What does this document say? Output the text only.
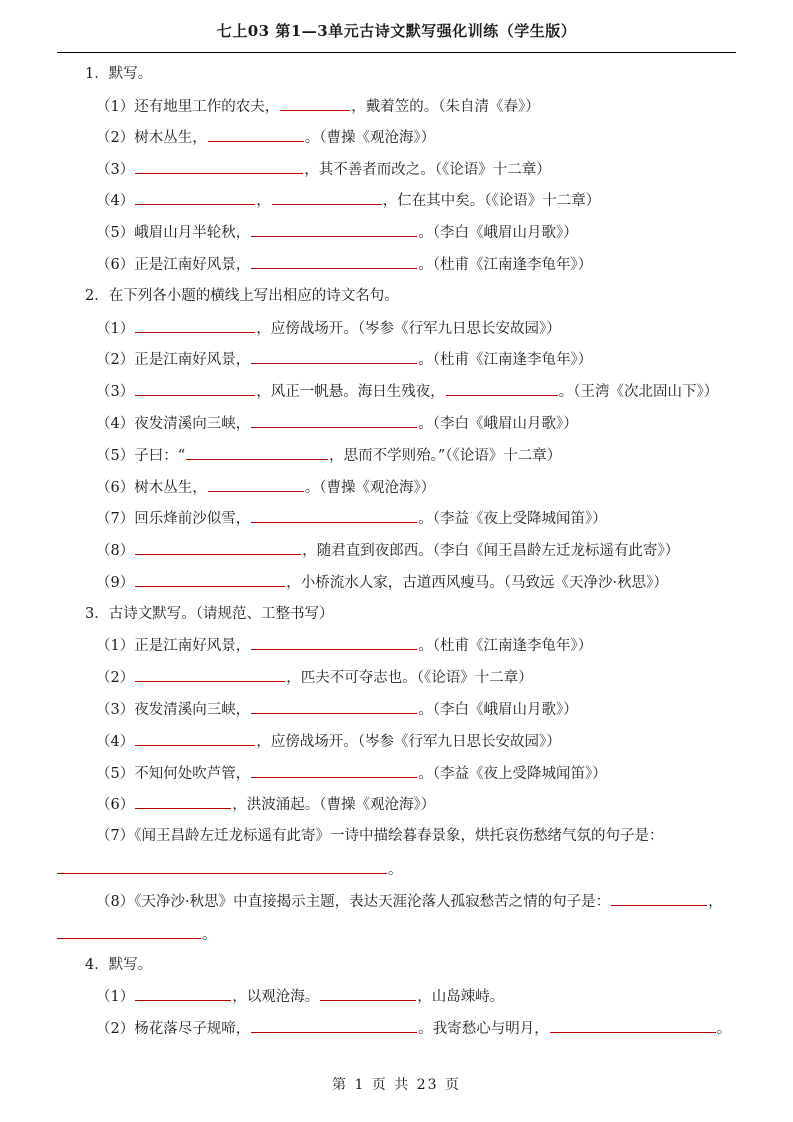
七上03 第1—3单元古诗文默写强化训练（学生版）
1．默写。
（1）还有地里工作的农夫，	，戴着笠的。（朱自清《春》）
（2）树木丛生，	。（曹操《观沧海》）
（3）	，其不善者而改之。（《论语》十二章）
（4）	，	，仁在其中矣。（《论语》十二章）
（5）峨眉山月半轮秋，	。（李白《峨眉山月歌》）
（6）正是江南好风景，	。（杜甫《江南逢李龟年》）
2．在下列各小题的横线上写出相应的诗文名句。
（1）	，应傍战场开。（岑参《行军九日思长安故园》）
（2）正是江南好风景，	。（杜甫《江南逢李龟年》）
（3）	，风正一帆悬。海日生残夜，	。（王湾《次北固山下》）
（4）夜发清溪向三峡，	。（李白《峨眉山月歌》）
（5）子曰：“	，思而不学则殆。”（《论语》十二章）
（6）树木丛生，	。（曹操《观沧海》）
（7）回乐烽前沙似雪，	。（李益《夜上受降城闻笛》）
（8）	，随君直到夜郎西。（李白《闻王昌龄左迁龙标遥有此寄》）
（9）	，小桥流水人家，古道西风瘦马。（马致远《天净沙·秋思》）
3．古诗文默写。（请规范、工整书写）
（1）正是江南好风景，	。（杜甫《江南逢李龟年》）
（2）	，匹夫不可夺志也。（《论语》十二章）
（3）夜发清溪向三峡，	。（李白《峨眉山月歌》）
（4）	，应傍战场开。（岑参《行军九日思长安故园》）
（5）不知何处吹芦管，	。（李益《夜上受降城闻笛》）
（6）	，洪波涌起。（曹操《观沧海》）
（7）《闻王昌龄左迁龙标遥有此寄》一诗中描绘暮春景象，烘托哀伤愁绪气氛的句子是：
。
（8）《天净沙·秋思》中直接揭示主题，表达天涯沦落人孤寂愁苦之情的句子是：	，
。
4．默写。
（1）	，以观沧海。	，山岛竦峙。
（2）杨花落尽子规啼，	。我寄愁心与明月，	。
第 1 页 共 23 页
